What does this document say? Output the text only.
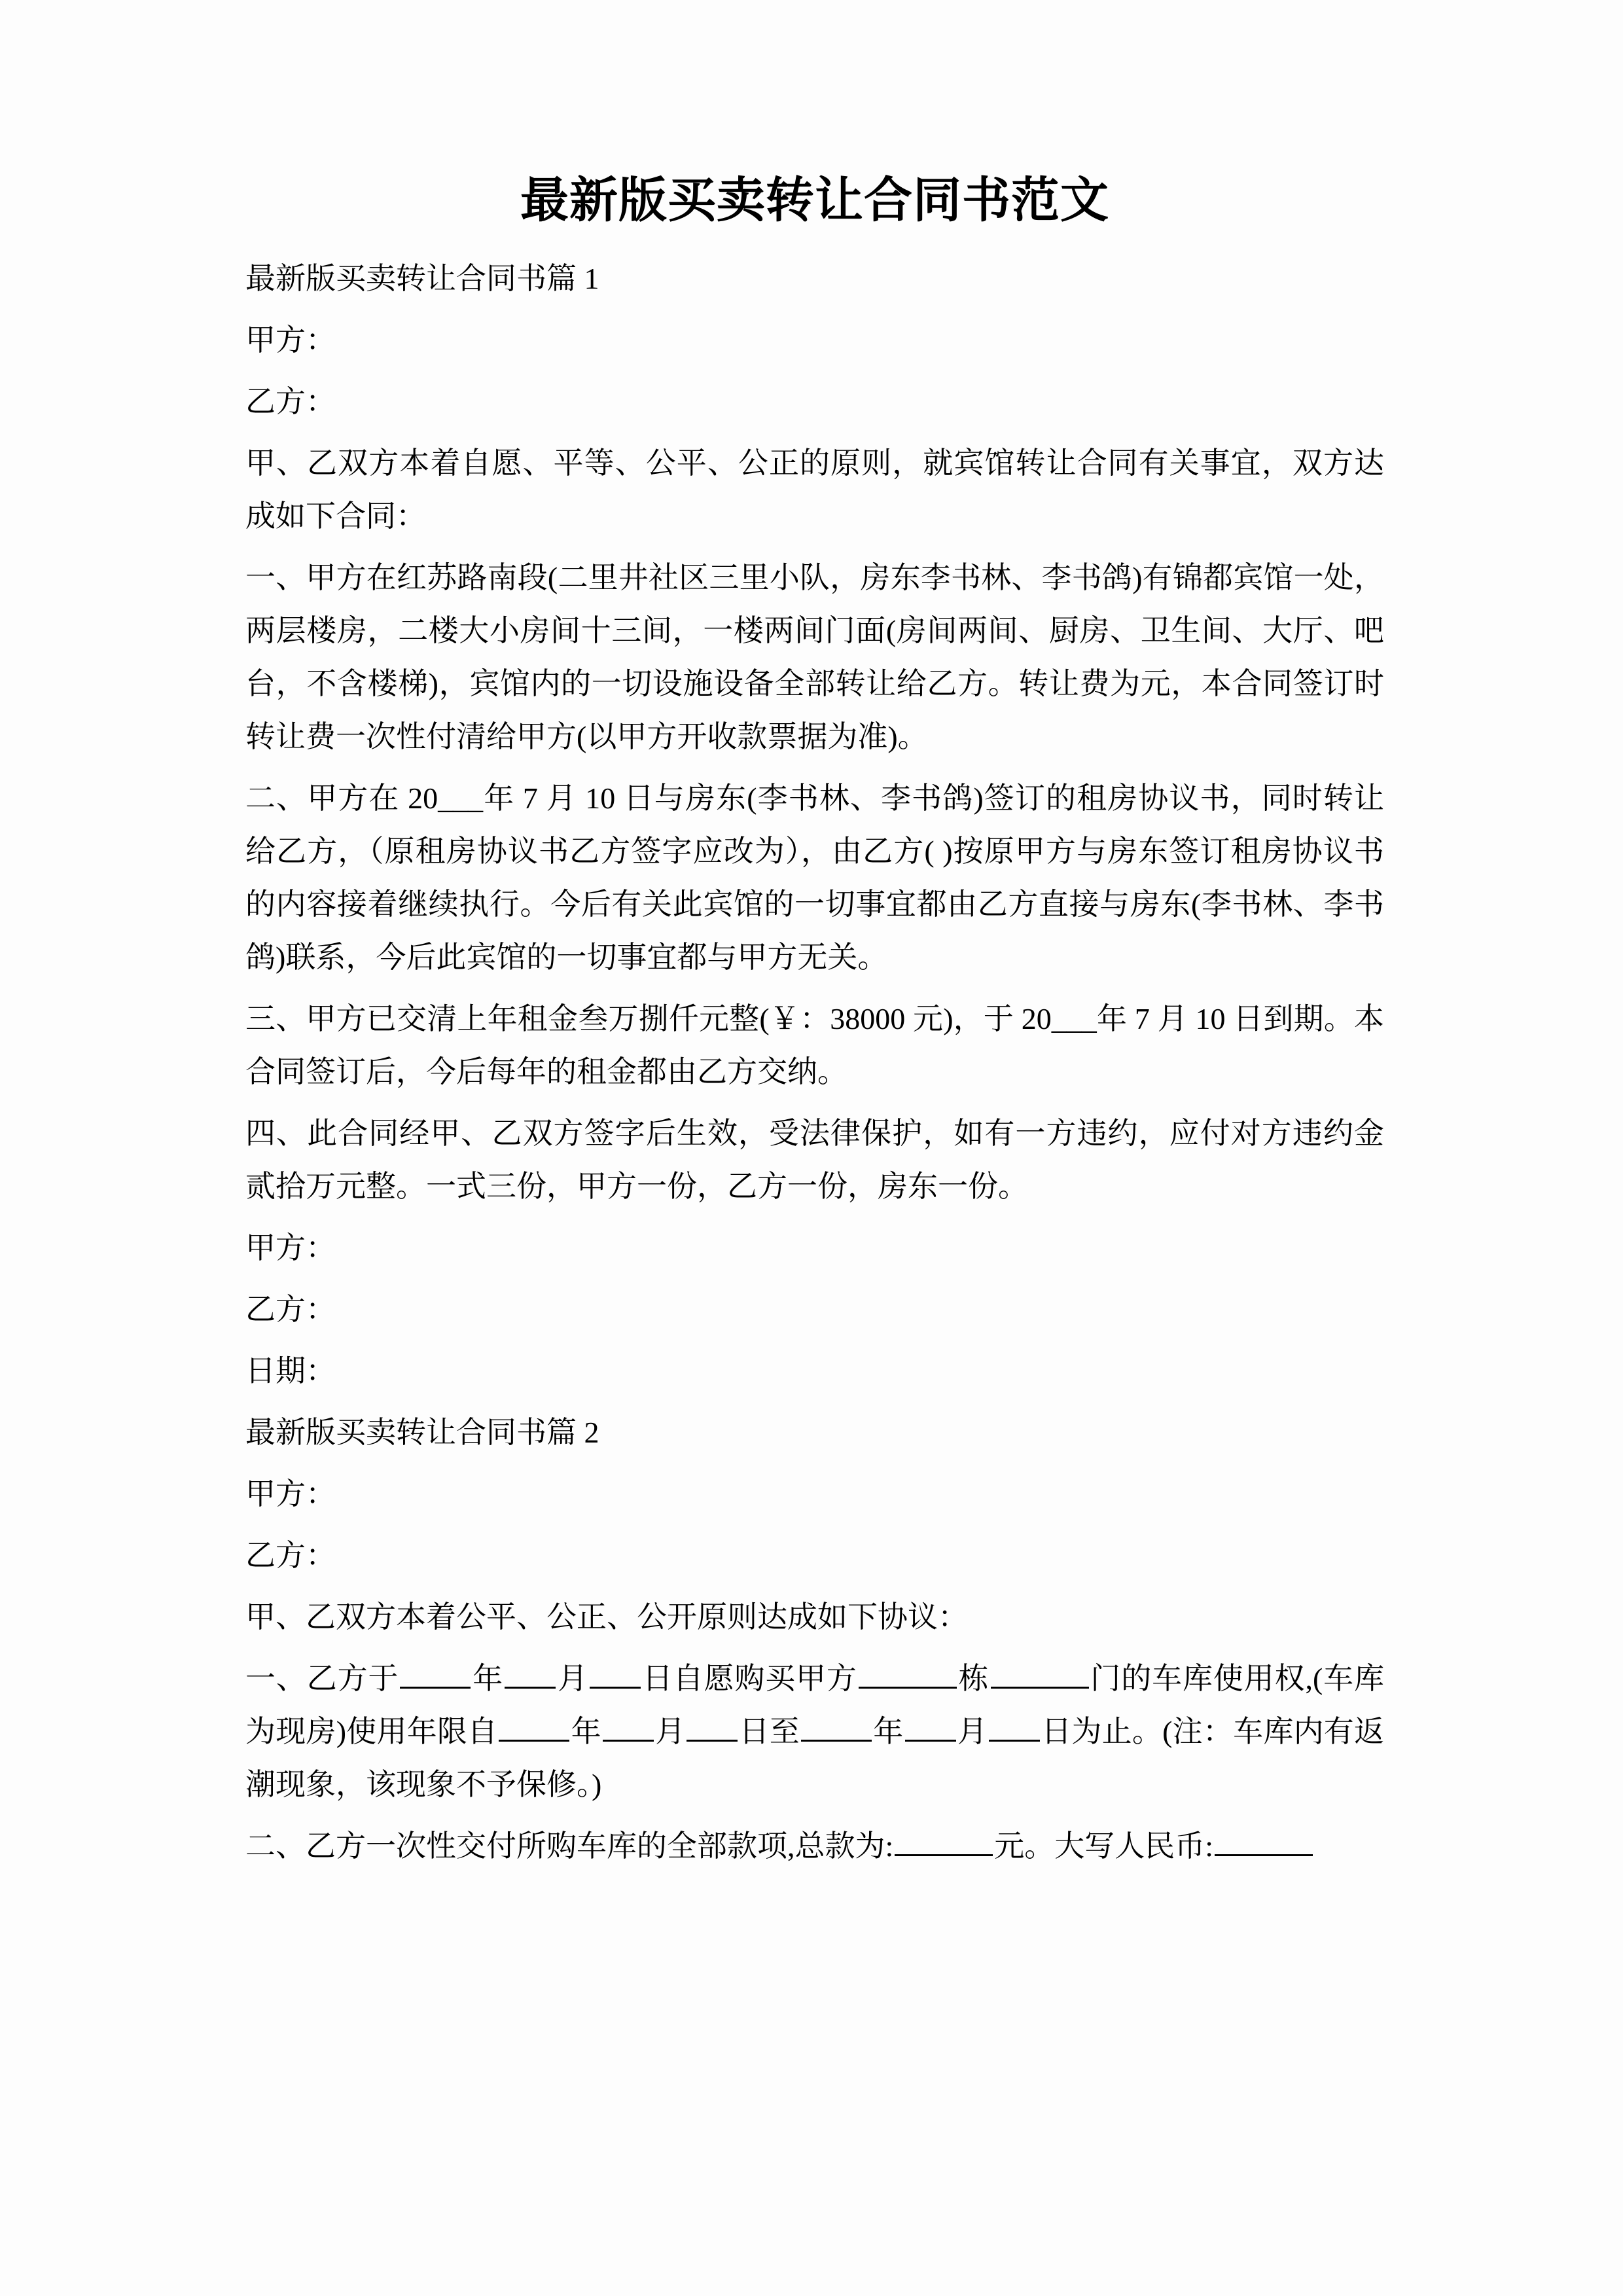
最新版买卖转让合同书范文

最新版买卖转让合同书篇 1

甲方：

乙方：

甲、乙双方本着自愿、平等、公平、公正的原则，就宾馆转让合同有关事宜，双方达成如下合同：

一、甲方在红苏路南段(二里井社区三里小队，房东李书林、李书鸽)有锦都宾馆一处，两层楼房，二楼大小房间十三间，一楼两间门面(房间两间、厨房、卫生间、大厅、吧台，不含楼梯)，宾馆内的一切设施设备全部转让给乙方。转让费为元，本合同签订时转让费一次性付清给甲方(以甲方开收款票据为准)。

二、甲方在 20___年 7 月 10 日与房东(李书林、李书鸽)签订的租房协议书，同时转让给乙方，（原租房协议书乙方签字应改为），由乙方( )按原甲方与房东签订租房协议书的内容接着继续执行。今后有关此宾馆的一切事宜都由乙方直接与房东(李书林、李书鸽)联系，今后此宾馆的一切事宜都与甲方无关。

三、甲方已交清上年租金叁万捌仟元整(￥：38000 元)，于 20___年 7 月 10 日到期。本合同签订后，今后每年的租金都由乙方交纳。

四、此合同经甲、乙双方签字后生效，受法律保护，如有一方违约，应付对方违约金贰拾万元整。一式三份，甲方一份，乙方一份，房东一份。

甲方：

乙方：

日期：

最新版买卖转让合同书篇 2

甲方：

乙方：

甲、乙双方本着公平、公正、公开原则达成如下协议：

一、乙方于 年 月 日自愿购买甲方	栋	门的车库使用权,(车库为现房)使用年限自 年 月 日至 年 月 日为止。(注：车库内有返潮现象，该现象不予保修。)

二、乙方一次性交付所购车库的全部款项,总款为:	元。大写人民币:
